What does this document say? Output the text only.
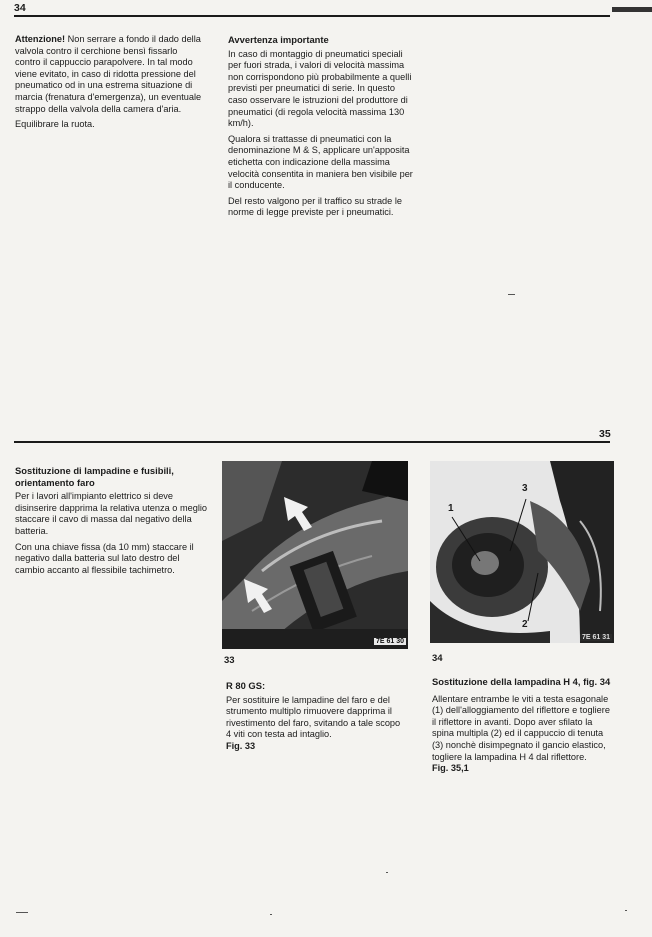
34

Attenzione! Non serrare a fondo il dado della valvola contro il cerchione bensì fissarlo contro il cappuccio parapolvere. In tal modo viene evitato, in caso di ridotta pressione del pneumatico od in una estrema situazione di marcia (frenatura d'emergenza), un eventuale strappo della valvola della camera d'aria.

Equilibrare la ruota.

Avvertenza importante

In caso di montaggio di pneumatici speciali per fuori strada, i valori di velocità massima non corrispondono più probabilmente a quelli previsti per pneumatici di serie. In questo caso osservare le istruzioni del produttore di pneumatici (di regola velocità massima 130 km/h).

Qualora si trattasse di pneumatici con la denominazione M & S, applicare un'apposita etichetta con indicazione della massima velocità consentita in maniera ben visibile per il conducente.

Del resto valgono per il traffico su strade le norme di legge previste per i pneumatici.

35
Sostituzione di lampadine e fusibili, orientamento faro

Per i lavori all'impianto elettrico si deve disinserire dapprima la relativa utenza o meglio staccare il cavo di massa dal negativo della batteria.

Con una chiave fissa (da 10 mm) staccare il negativo dalla batteria sul lato destro del cambio accanto al flessibile tachimetro.

7E 61 30
33
R 80 GS:

Per sostituire le lampadine del faro e del strumento multiplo rimuovere dapprima il rivestimento del faro, svitando a tale scopo 4 viti con testa ad intaglio.

Fig. 33
1
3
2
7E 61 31
34
Sostituzione della lampadina H 4, fig. 34

Allentare entrambe le viti a testa esagonale (1) dell'alloggiamento del riflettore e togliere il riflettore in avanti. Dopo aver sfilato la spina multipla (2) ed il cappuccio di tenuta (3) nonchè disimpegnato il gancio elastico, togliere la lampadina H 4 dal riflettore.

Fig. 35,1
